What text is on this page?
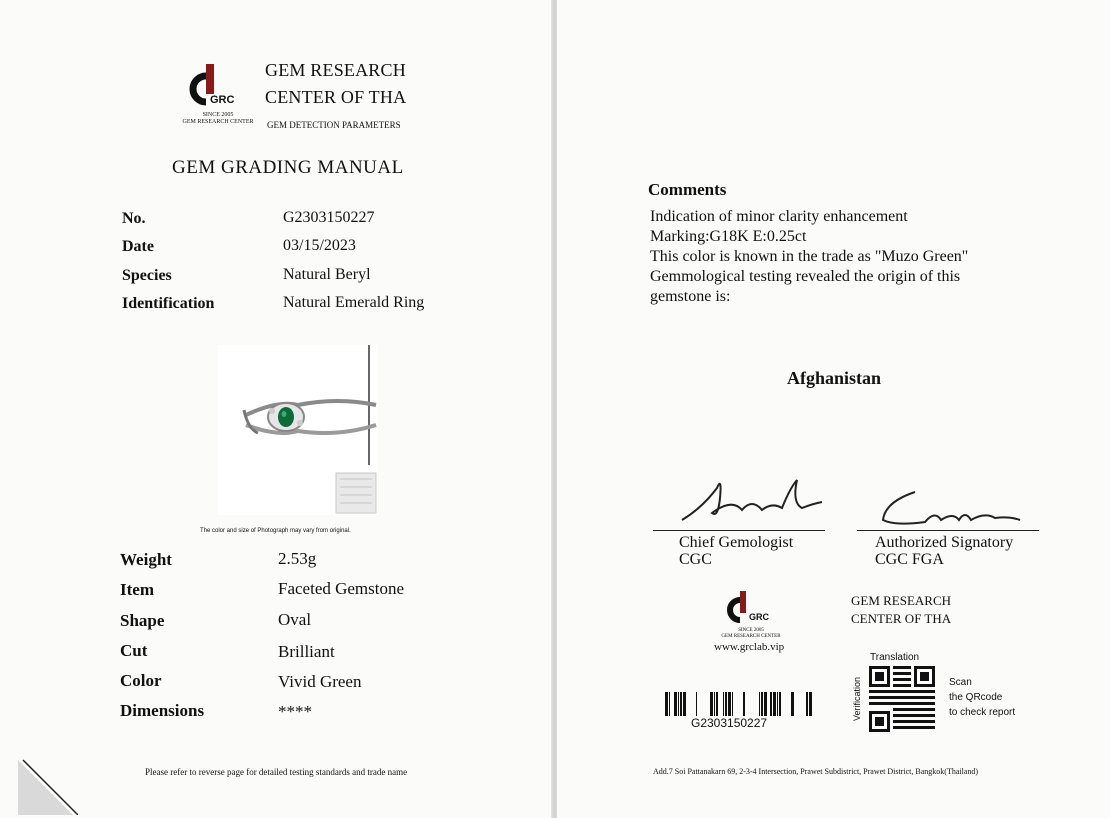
GRC
SINCE 2005
GEM RESEARCH CENTER
GEM RESEARCH
CENTER OF THA
GEM DETECTION PARAMETERS
GEM GRADING MANUAL
No.	G2303150227
Date	03/15/2023
Species	Natural Beryl
Identification	Natural Emerald Ring
The color and size of Photograph may vary from original.
Weight	2.53g
Item	Faceted Gemstone
Shape	Oval
Cut	Brilliant
Color	Vivid Green
Dimensions	****
Please refer to reverse page for detailed testing standards and trade name
Comments
Indication of minor clarity enhancement
Marking:G18K E:0.25ct
This color is known in the trade as "Muzo Green"
Gemmological testing revealed the origin of this
gemstone is:
Afghanistan
Chief Gemologist
CGC
Authorized Signatory
CGC FGA
GRC
SINCE 2005
GEM RESEARCH CENTER
www.grclab.vip
GEM RESEARCH
CENTER OF THA
G2303150227
Translation
Verification	Scan
the QRcode
to check report
Add.7 Soi Pattanakarn 69, 2-3-4 Intersection, Prawet Subdistrict, Prawet District, Bangkok(Thailand)
